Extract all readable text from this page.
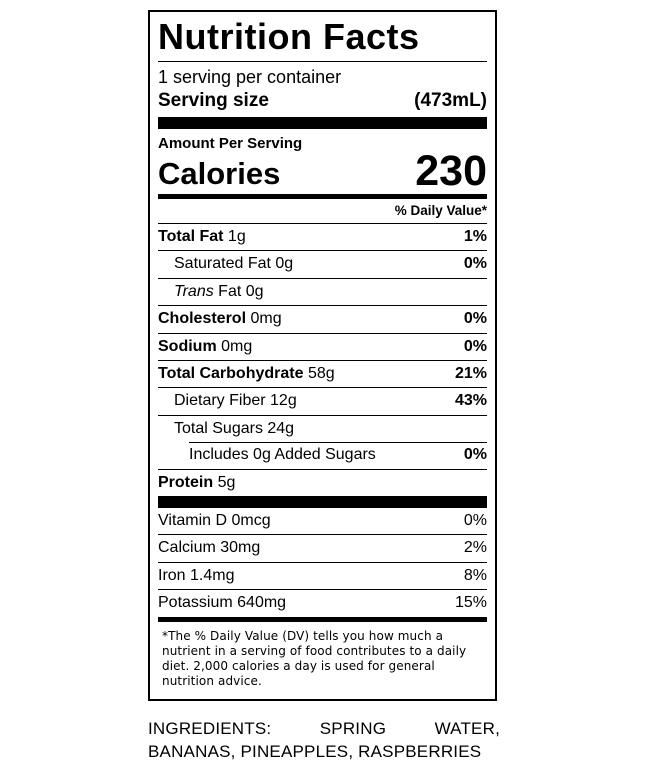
Nutrition Facts
1 serving per container
Serving size	(473mL)
Amount Per Serving
Calories	230
% Daily Value*
Total Fat 1g	1%
Saturated Fat 0g	0%
Trans Fat 0g
Cholesterol 0mg	0%
Sodium 0mg	0%
Total Carbohydrate 58g	21%
Dietary Fiber 12g	43%
Total Sugars 24g
Includes 0g Added Sugars	0%
Protein 5g
Vitamin D 0mcg	0%
Calcium 30mg	2%
Iron 1.4mg	8%
Potassium 640mg	15%
*The % Daily Value (DV) tells you how much a nutrient in a serving of food contributes to a daily diet. 2,000 calories a day is used for general nutrition advice.
INGREDIENTS: SPRING WATER, BANANAS, PINEAPPLES, RASPBERRIES
